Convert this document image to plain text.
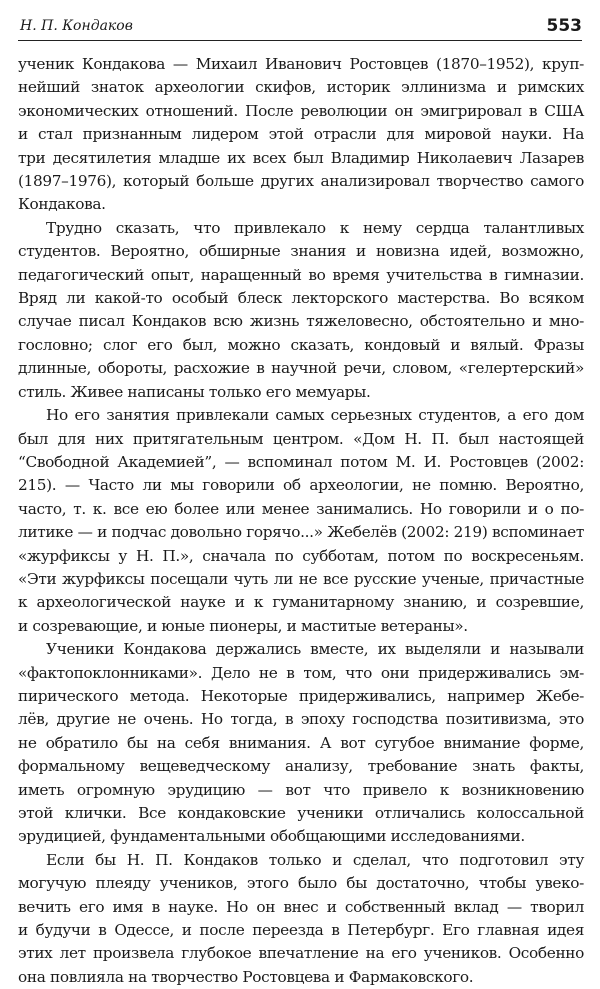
Н. П. Кондаков	553
ученик Кондакова — Михаил Иванович Ростовцев (1870–1952), круп-
нейший знаток археологии скифов, историк эллинизма и римских
экономических отношений. После революции он эмигрировал в США
и стал признанным лидером этой отрасли для мировой науки. На
три десятилетия младше их всех был Владимир Николаевич Лазарев
(1897–1976), который больше других анализировал творчество самого
Кондакова.
Трудно сказать, что привлекало к нему сердца талантливых
студентов. Вероятно, обширные знания и новизна идей, возможно,
педагогический опыт, наращенный во время учительства в гимназии.
Вряд ли какой-то особый блеск лекторского мастерства. Во всяком
случае писал Кондаков всю жизнь тяжеловесно, обстоятельно и мно-
гословно; слог его был, можно сказать, кондовый и вялый. Фразы
длинные, обороты, расхожие в научной речи, словом, «гелертерский»
стиль. Живее написаны только его мемуары.
Но его занятия привлекали самых серьезных студентов, а его дом
был для них притягательным центром. «Дом Н. П. был настоящей
“Свободной Академией”, — вспоминал потом М. И. Ростовцев (2002:
215). — Часто ли мы говорили об археологии, не помню. Вероятно,
часто, т. к. все ею более или менее занимались. Но говорили и о по-
литике — и подчас довольно горячо...» Жебелёв (2002: 219) вспоминает
«журфиксы у Н. П.», сначала по субботам, потом по воскресеньям.
«Эти журфиксы посещали чуть ли не все русские ученые, причастные
к археологической науке и к гуманитарному знанию, и созревшие,
и созревающие, и юные пионеры, и маститые ветераны».
Ученики Кондакова держались вместе, их выделяли и называли
«фактопоклонниками». Дело не в том, что они придерживались эм-
пирического метода. Некоторые придерживались, например Жебе-
лёв, другие не очень. Но тогда, в эпоху господства позитивизма, это
не обратило бы на себя внимания. А вот сугубое внимание форме,
формальному вещеведческому анализу, требование знать факты,
иметь огромную эрудицию — вот что привело к возникновению
этой клички. Все кондаковские ученики отличались колоссальной
эрудицией, фундаментальными обобщающими исследованиями.
Если бы Н. П. Кондаков только и сделал, что подготовил эту
могучую плеяду учеников, этого было бы достаточно, чтобы увеко-
вечить его имя в науке. Но он внес и собственный вклад — творил
и будучи в Одессе, и после переезда в Петербург. Его главная идея
этих лет произвела глубокое впечатление на его учеников. Особенно
она повлияла на творчество Ростовцева и Фармаковского.
